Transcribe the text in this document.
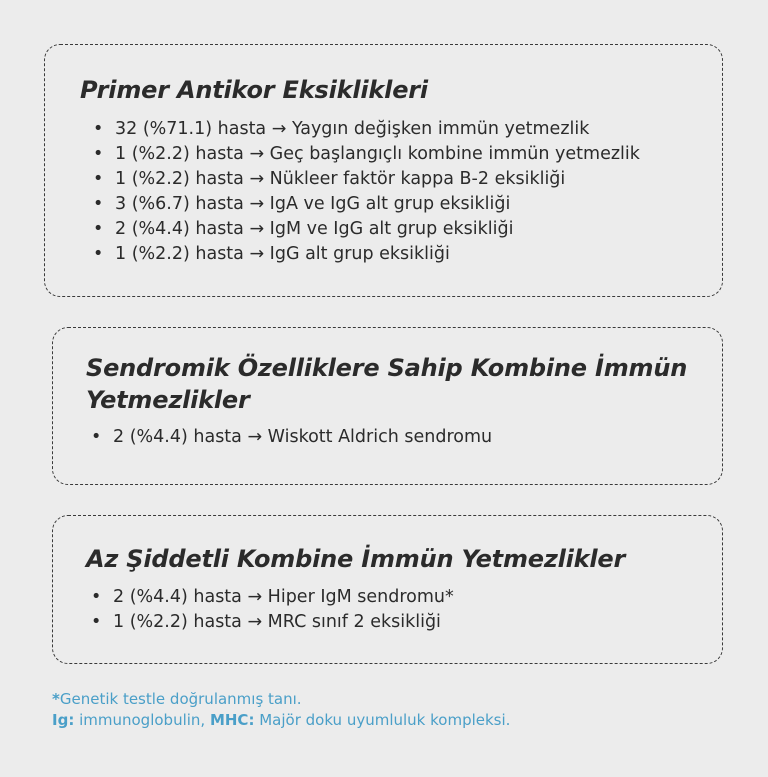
Primer Antikor Eksiklikleri
• 32 (%71.1) hasta → Yaygın değişken immün yetmezlik
• 1 (%2.2) hasta → Geç başlangıçlı kombine immün yetmezlik
• 1 (%2.2) hasta → Nükleer faktör kappa B-2 eksikliği
• 3 (%6.7) hasta → IgA ve IgG alt grup eksikliği
• 2 (%4.4) hasta → IgM ve IgG alt grup eksikliği
• 1 (%2.2) hasta → IgG alt grup eksikliği
Sendromik Özelliklere Sahip Kombine İmmün Yetmezlikler
• 2 (%4.4) hasta → Wiskott Aldrich sendromu
Az Şiddetli Kombine İmmün Yetmezlikler
• 2 (%4.4) hasta → Hiper IgM sendromu*
• 1 (%2.2) hasta → MRC sınıf 2 eksikliği
*Genetik testle doğrulanmış tanı.
Ig: immunoglobulin, MHC: Majör doku uyumluluk kompleksi.
